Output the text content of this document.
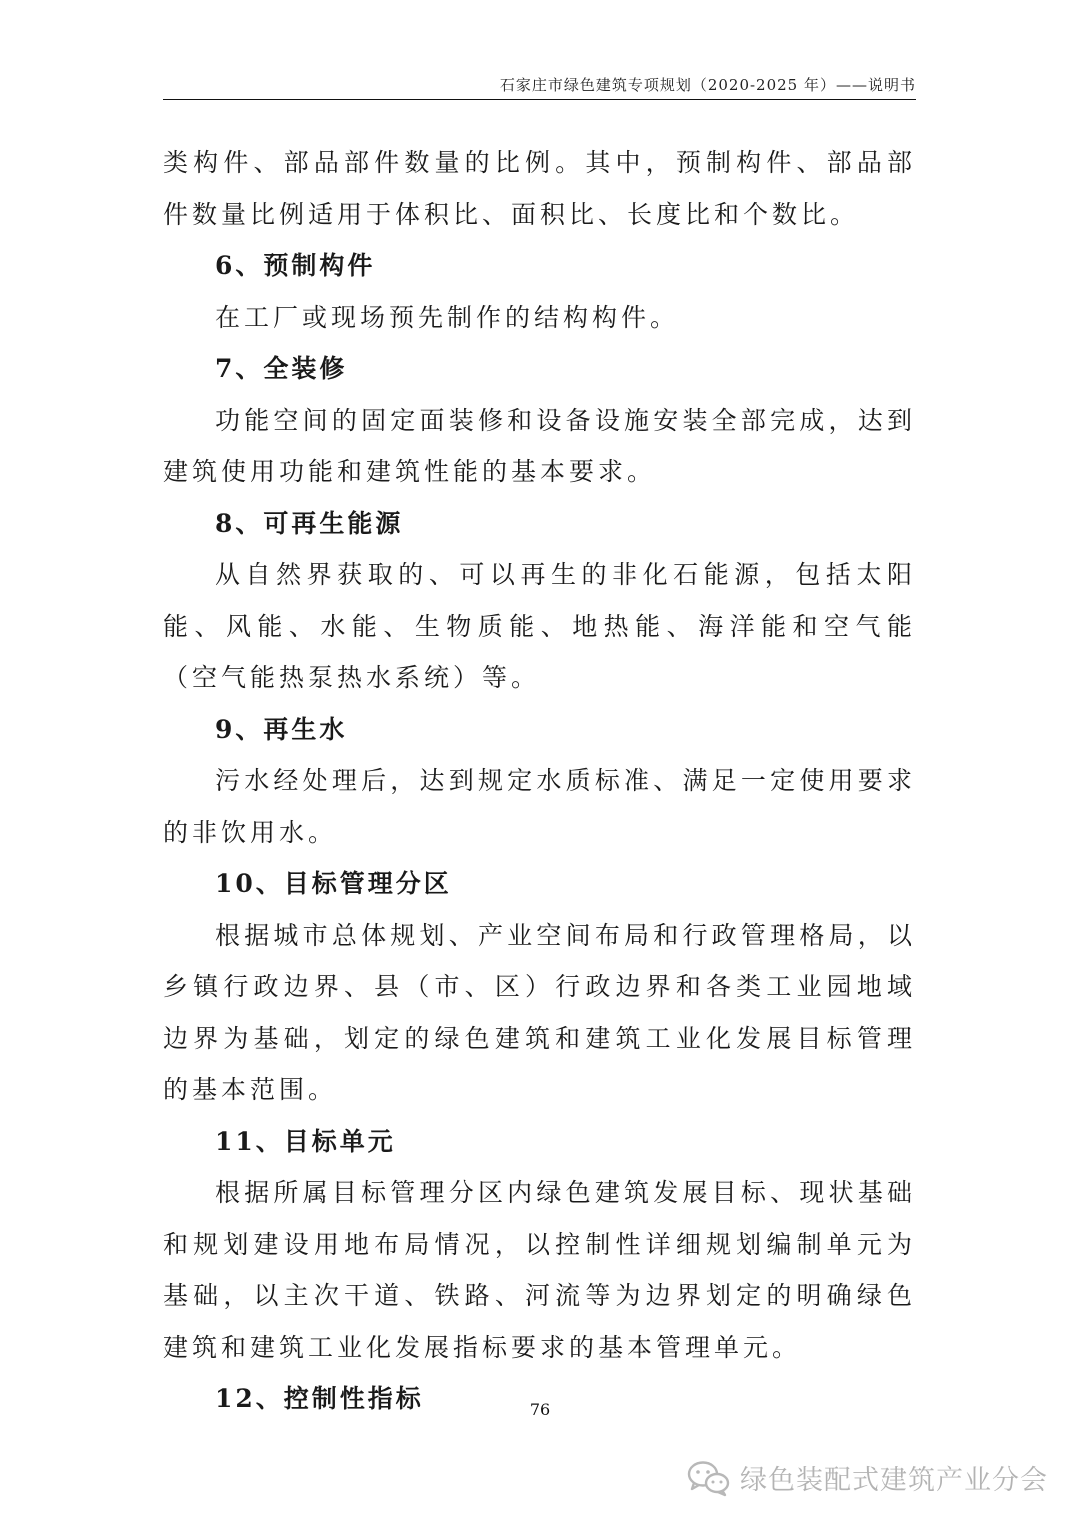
石家庄市绿色建筑专项规划（2020-2025 年）——说明书

类构件、部品部件数量的比例。其中，预制构件、部品部件数量比例适用于体积比、面积比、长度比和个数比。

6、预制构件

在工厂或现场预先制作的结构构件。

7、全装修

功能空间的固定面装修和设备设施安装全部完成，达到建筑使用功能和建筑性能的基本要求。

8、可再生能源

从自然界获取的、可以再生的非化石能源，包括太阳能、风能、水能、生物质能、地热能、海洋能和空气能（空气能热泵热水系统）等。

9、再生水

污水经处理后，达到规定水质标准、满足一定使用要求的非饮用水。

10、目标管理分区

根据城市总体规划、产业空间布局和行政管理格局，以乡镇行政边界、县（市、区）行政边界和各类工业园地域边界为基础，划定的绿色建筑和建筑工业化发展目标管理的基本范围。

11、目标单元

根据所属目标管理分区内绿色建筑发展目标、现状基础和规划建设用地布局情况，以控制性详细规划编制单元为基础，以主次干道、铁路、河流等为边界划定的明确绿色建筑和建筑工业化发展指标要求的基本管理单元。

12、控制性指标	76
绿色装配式建筑产业分会
